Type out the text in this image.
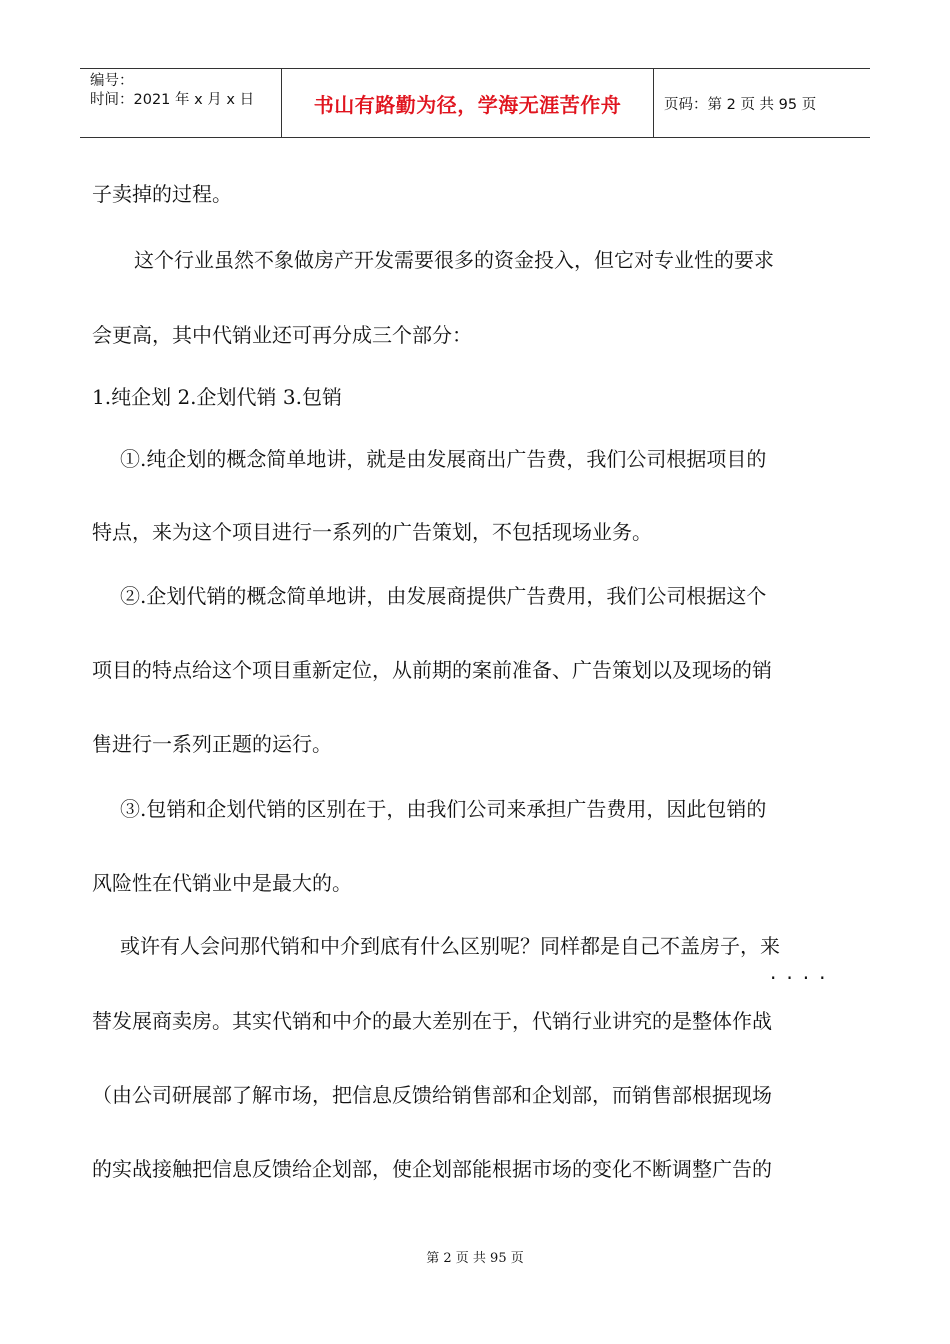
编号：
时间：2021 年 x 月 x 日	书山有路勤为径，学海无涯苦作舟	页码：第 2 页 共 95 页
子卖掉的过程。
这个行业虽然不象做房产开发需要很多的资金投入，但它对专业性的要求
会更高，其中代销业还可再分成三个部分：
1.纯企划 2.企划代销 3.包销
①.纯企划的概念简单地讲，就是由发展商出广告费，我们公司根据项目的
特点，来为这个项目进行一系列的广告策划，不包括现场业务。
②.企划代销的概念简单地讲，由发展商提供广告费用，我们公司根据这个
项目的特点给这个项目重新定位，从前期的案前准备、广告策划以及现场的销
售进行一系列正题的运行。
③.包销和企划代销的区别在于，由我们公司来承担广告费用，因此包销的
风险性在代销业中是最大的。
或许有人会问那代销和中介到底有什么区别呢？同样都是自己不盖房子，来
替发展商卖房。其实代销和中介的最大差别在于，代销行业讲究的是整体作战
（由公司研展部了解市场，把信息反馈给销售部和企划部，而销售部根据现场
的实战接触把信息反馈给企划部，使企划部能根据市场的变化不断调整广告的
····
第 2 页 共 95 页
